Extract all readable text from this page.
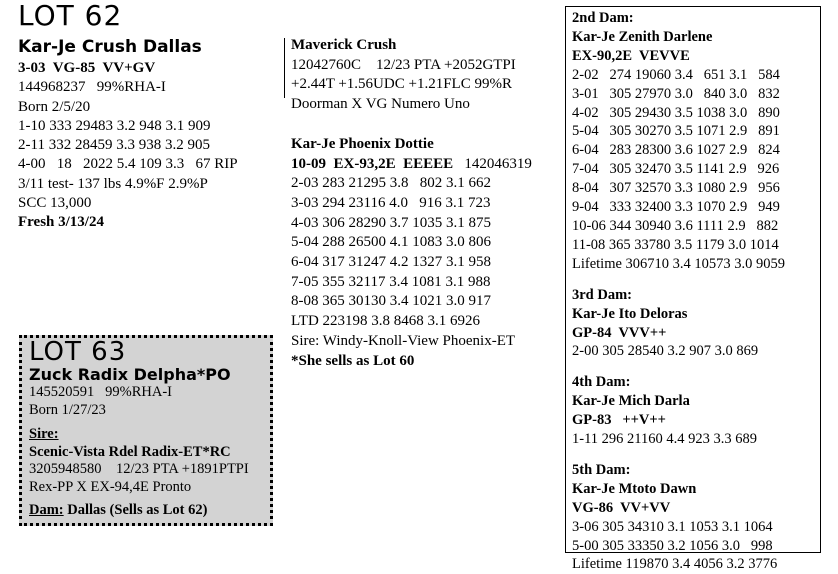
LOT 62
Kar-Je Crush Dallas
3-03  VG-85  VV+GV
144968237   99%RHA-I
Born 2/5/20
1-10 333 29483 3.2 948 3.1 909
2-11 332 28459 3.3 938 3.2 905
4-00   18   2022 5.4 109 3.3   67 RIP
3/11 test- 137 lbs 4.9%F 2.9%P
SCC 13,000
Fresh 3/13/24
Maverick Crush
12042760C    12/23 PTA +2052GTPI
+2.44T +1.56UDC +1.21FLC 99%R
Doorman X VG Numero Uno
Kar-Je Phoenix Dottie
10-09  EX-93,2E  EEEEE 142046319
2-03 283 21295 3.8   802 3.1 662
3-03 294 23116 4.0   916 3.1 723
4-03 306 28290 3.7 1035 3.1 875
5-04 288 26500 4.1 1083 3.0 806
6-04 317 31247 4.2 1327 3.1 958
7-05 355 32117 3.4 1081 3.1 988
8-08 365 30130 3.4 1021 3.0 917
LTD 223198 3.8 8468 3.1 6926
Sire: Windy-Knoll-View Phoenix-ET
*She sells as Lot 60
LOT 63
Zuck Radix Delpha*PO
145520591   99%RHA-I
Born 1/27/23
Sire:
Scenic-Vista Rdel Radix-ET*RC
3205948580    12/23 PTA +1891PTPI
Rex-PP X EX-94,4E Pronto
Dam: Dallas (Sells as Lot 62)
2nd Dam:
Kar-Je Zenith Darlene
EX-90,2E  VEVVE
2-02   274 19060 3.4   651 3.1   584
3-01   305 27970 3.0   840 3.0   832
4-02   305 29430 3.5 1038 3.0   890
5-04   305 30270 3.5 1071 2.9   891
6-04   283 28300 3.6 1027 2.9   824
7-04   305 32470 3.5 1141 2.9   926
8-04   307 32570 3.3 1080 2.9   956
9-04   333 32400 3.3 1070 2.9   949
10-06 344 30940 3.6 1111 2.9   882
11-08 365 33780 3.5 1179 3.0 1014
Lifetime 306710 3.4 10573 3.0 9059
3rd Dam:
Kar-Je Ito Deloras
GP-84  VVV++
2-00 305 28540 3.2 907 3.0 869
4th Dam:
Kar-Je Mich Darla
GP-83   ++V++
1-11 296 21160 4.4 923 3.3 689
5th Dam:
Kar-Je Mtoto Dawn
VG-86  VV+VV
3-06 305 34310 3.1 1053 3.1 1064
5-00 305 33350 3.2 1056 3.0   998
Lifetime 119870 3.4 4056 3.2 3776
